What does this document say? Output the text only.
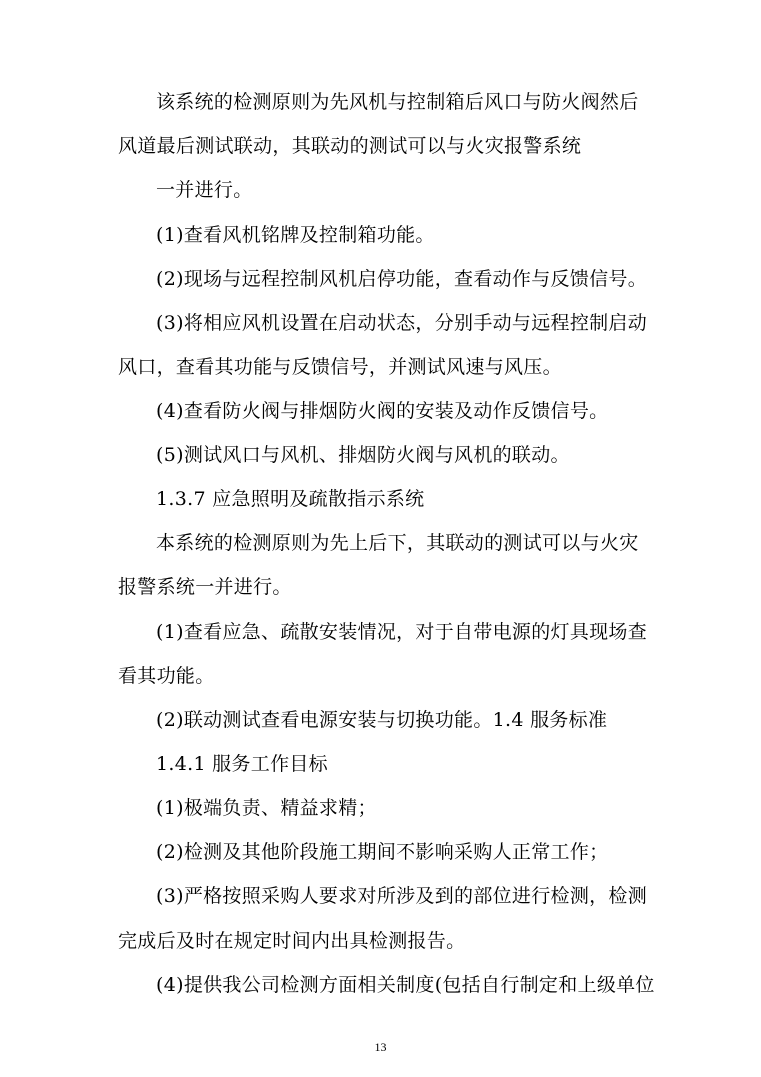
该系统的检测原则为先风机与控制箱后风口与防火阀然后
风道最后测试联动，其联动的测试可以与火灾报警系统
一并进行。
(1)查看风机铭牌及控制箱功能。
(2)现场与远程控制风机启停功能，查看动作与反馈信号。
(3)将相应风机设置在启动状态，分别手动与远程控制启动
风口，查看其功能与反馈信号，并测试风速与风压。
(4)查看防火阀与排烟防火阀的安装及动作反馈信号。
(5)测试风口与风机、排烟防火阀与风机的联动。
1.3.7 应急照明及疏散指示系统
本系统的检测原则为先上后下，其联动的测试可以与火灾
报警系统一并进行。
(1)查看应急、疏散安装情况，对于自带电源的灯具现场查
看其功能。
(2)联动测试查看电源安装与切换功能。1.4 服务标准
1.4.1 服务工作目标
(1)极端负责、精益求精；
(2)检测及其他阶段施工期间不影响采购人正常工作；
(3)严格按照采购人要求对所涉及到的部位进行检测，检测
完成后及时在规定时间内出具检测报告。
(4)提供我公司检测方面相关制度(包括自行制定和上级单位
13
